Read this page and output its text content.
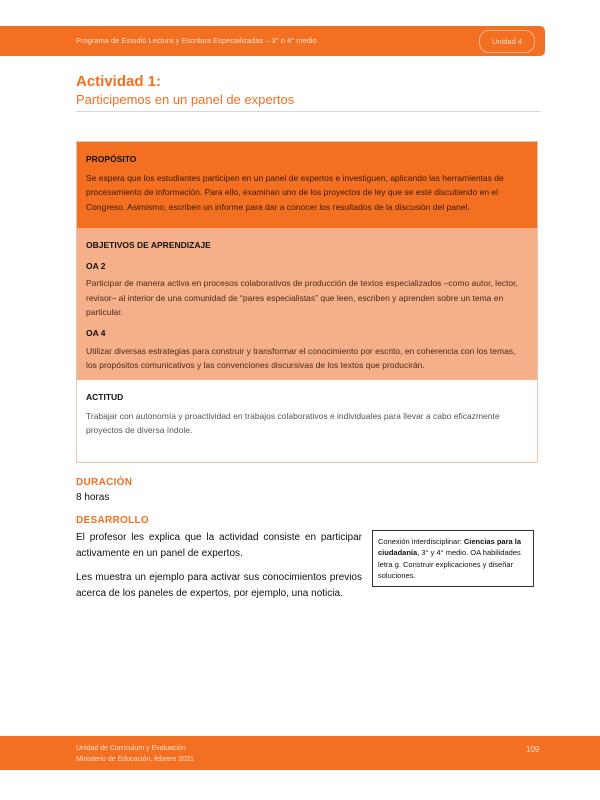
Programa de Estudio Lectura y Escritura Especializadas – 3° o 4° medio	Unidad 4
Actividad 1:
Participemos en un panel de expertos
PROPÓSITO

Se espera que los estudiantes participen en un panel de expertos e investiguen, aplicando las herramientas de procesamiento de información. Para ello, examinan uno de los proyectos de ley que se esté discutiendo en el Congreso. Asimismo, escriben un informe para dar a conocer los resultados de la discusión del panel.

OBJETIVOS DE APRENDIZAJE
OA 2

Participar de manera activa en procesos colaborativos de producción de textos especializados –como autor, lector, revisor– al interior de una comunidad de “pares especialistas” que leen, escriben y aprenden sobre un tema en particular.

OA 4

Utilizar diversas estrategias para construir y transformar el conocimiento por escrito, en coherencia con los temas, los propósitos comunicativos y las convenciones discursivas de los textos que producirán.

ACTITUD

Trabajar con autonomía y proactividad en trabajos colaborativos e individuales para llevar a cabo eficazmente proyectos de diversa índole.

DURACIÓN
8 horas
DESARROLLO

El profesor les explica que la actividad consiste en participar activamente en un panel de expertos.

Les muestra un ejemplo para activar sus conocimientos previos acerca de los paneles de expertos, por ejemplo, una noticia.

Conexión interdisciplinar: Ciencias para la ciudadanía, 3° y 4° medio. OA habilidades letra g. Construir explicaciones y diseñar soluciones.
Unidad de Currículum y Evaluación
Ministerio de Educación, febrero 2021
109
